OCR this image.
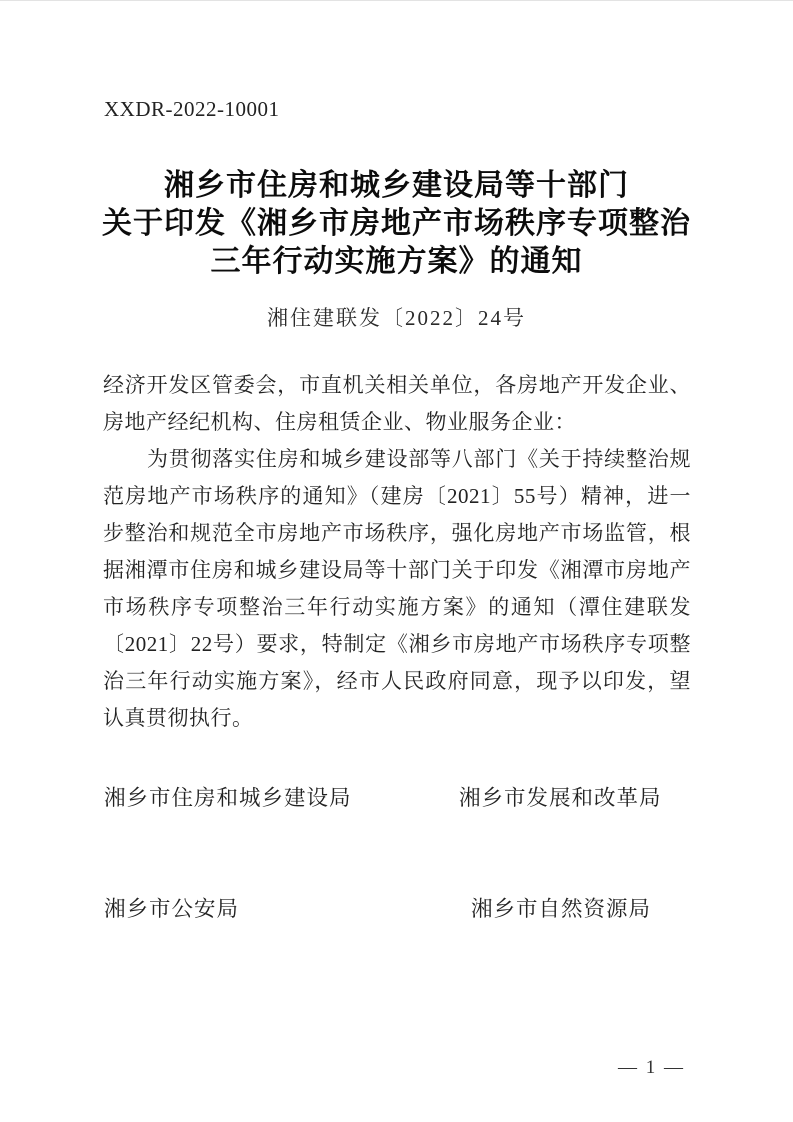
XXDR-2022-10001
湘乡市住房和城乡建设局等十部门
关于印发《湘乡市房地产市场秩序专项整治
三年行动实施方案》的通知
湘住建联发〔2022〕24号
经济开发区管委会，市直机关相关单位，各房地产开发企业、
房地产经纪机构、住房租赁企业、物业服务企业：
为贯彻落实住房和城乡建设部等八部门《关于持续整治规
范房地产市场秩序的通知》（建房〔2021〕55号）精神，进一
步整治和规范全市房地产市场秩序，强化房地产市场监管，根
据湘潭市住房和城乡建设局等十部门关于印发《湘潭市房地产
市场秩序专项整治三年行动实施方案》的通知（潭住建联发
〔2021〕22号）要求，特制定《湘乡市房地产市场秩序专项整
治三年行动实施方案》，经市人民政府同意，现予以印发，望
认真贯彻执行。
湘乡市住房和城乡建设局	湘乡市发展和改革局
湘乡市公安局	湘乡市自然资源局
— 1 —
